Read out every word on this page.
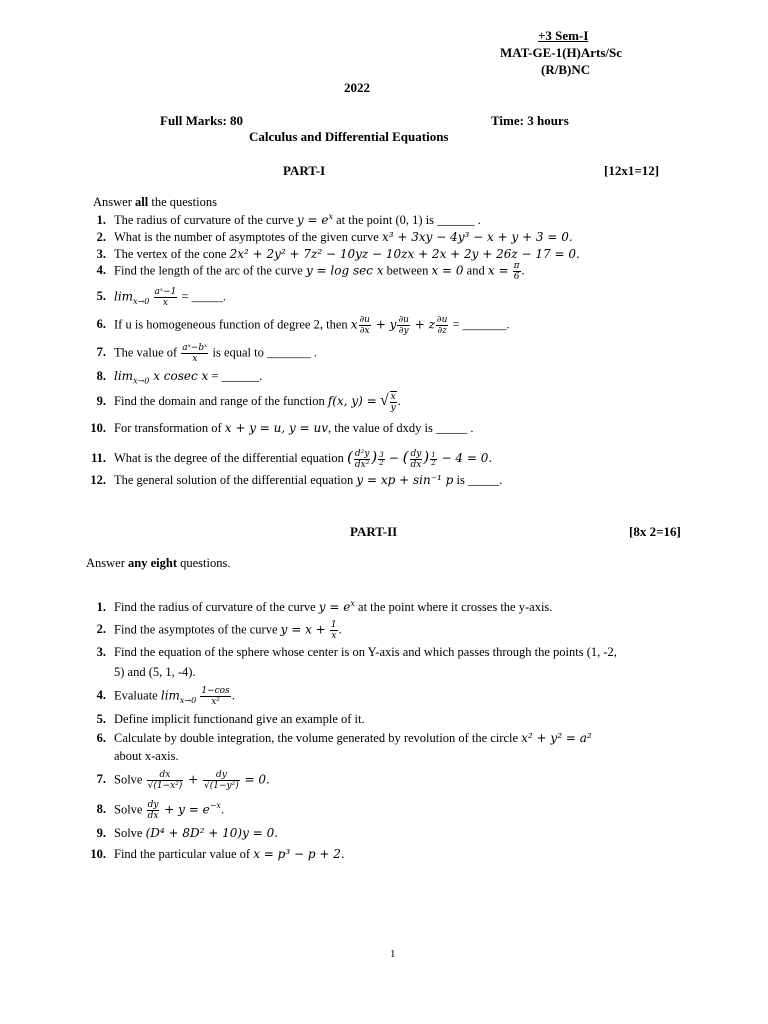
+3 Sem-I
MAT-GE-1(H)Arts/Sc
(R/B)NC
2022
Full Marks: 80	Time: 3 hours
Calculus and Differential Equations
PART-I	[12x1=12]
Answer all the questions
1. The radius of curvature of the curve $y = e^x$ at the point (0, 1) is ______ .
2. What is the number of asymptotes of the given curve x³ + 3xy − 4y³ − x + y + 3 = 0.
3. The vertex of the cone 2x² + 2y² + 7z² − 10yz − 10zx + 2x + 2y + 26z − 17 = 0.
4. Find the length of the arc of the curve y = log sec x between x = 0 and $x = \frac{\pi}{6}$ .
5. $\lim_{x\to 0} \frac{\text{aˣ−1}}{x}$ = _____.
6. If u is homogeneous function of degree 2, then x $\frac{\partial u}{\partial x} + y \frac{\partial u}{\partial y} + z \frac{\partial u}{\partial z}$ = _______.
7. The value of $\frac{\text{aˣ−bˣ}}{x}$ is equal to _______ .
8. $\lim_{x\to 0} x$ cosec x = ______.
9. Find the domain and range of the function f(x, y) = √ $\frac{x}{y}$ .
10. For transformation of x + y = u, y = uv, the value of dxdy is _____ .
11. What is the degree of the differential equation ( $\frac{\text{d²y}}{\text{dx²}}$ ) $\frac{3}{2}$ − ( $\frac{dy}{dx}$ ) $\frac{1}{2} - 4 = 0$.
12. The general solution of the differential equation y = xp + sin⁻¹ p is _____.
PART-II	[8x 2=16]
Answer any eight questions.
1. Find the radius of curvature of the curve $y = e^x$ at the point where it crosses the y-axis.
2. Find the asymptotes of the curve $y = x + \frac{1}{x}$ .
3. Find the equation of the sphere whose center is on Y-axis and which passes through the points (1, -2,
5) and (5, 1, -4).
4. Evaluate $\lim_{x\to 0} \frac{1-\cos}{\text{x²}}$ .
5. Define implicit functionand give an example of it.
6. Calculate by double integration, the volume generated by revolution of the circle x² + y² = a²
about x-axis.
7. Solve $\frac{dx}{\text{√(1−x²)}} + \frac{dy}{\text{√(1−y²)}} = 0$.
8. Solve $\frac{dy}{dx} + y = e^{-x}$.
9. Solve (D⁴ + 8D² + 10)y = 0.
10. Find the particular value of x = p³ − p + 2.
1
